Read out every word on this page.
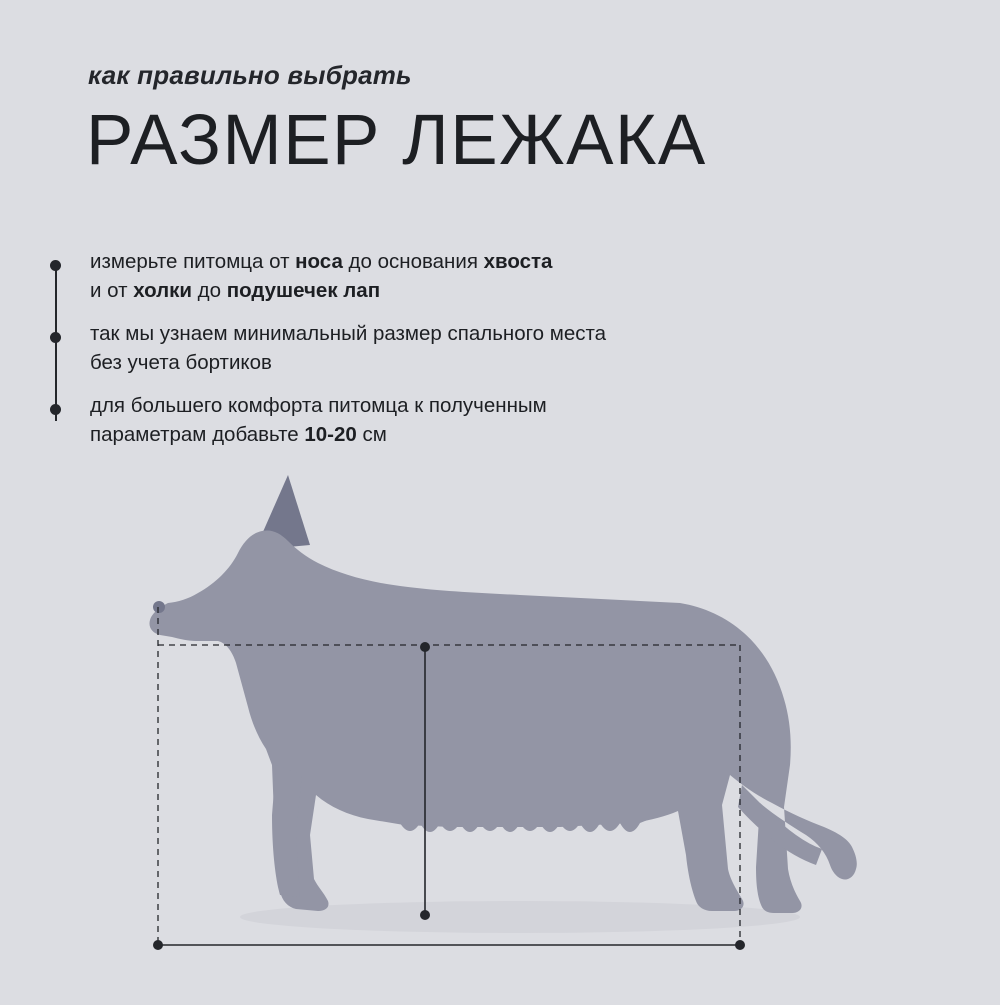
как правильно выбрать
РАЗМЕР ЛЕЖАКА
измерьте питомца от носа до основания хвоста
и от холки до подушечек лап
так мы узнаем минимальный размер спального места
без учета бортиков
для большего комфорта питомца к полученным
параметрам добавьте 10-20 см
